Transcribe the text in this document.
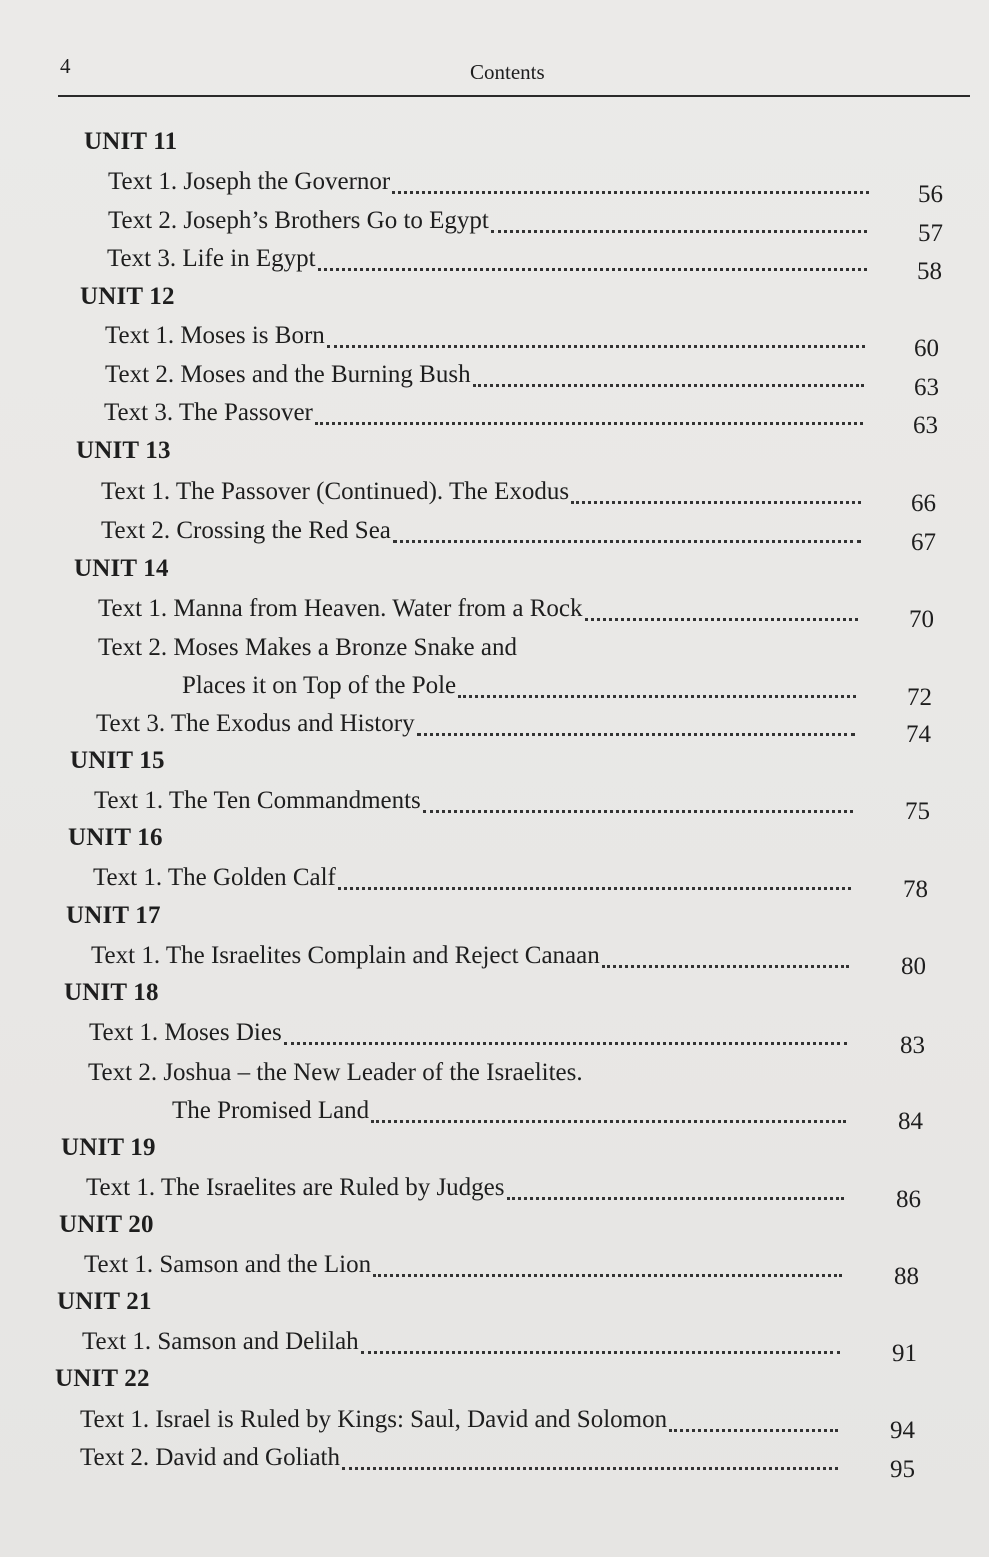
4	Contents
UNIT 11
Text 1. Joseph the Governor	56
Text 2. Joseph’s Brothers Go to Egypt	57
Text 3. Life in Egypt	58
UNIT 12
Text 1. Moses is Born	60
Text 2. Moses and the Burning Bush	63
Text 3. The Passover	63
UNIT 13
Text 1. The Passover (Continued). The Exodus	66
Text 2. Crossing the Red Sea	67
UNIT 14
Text 1. Manna from Heaven. Water from a Rock	70
Text 2. Moses Makes a Bronze Snake and
Places it on Top of the Pole	72
Text 3. The Exodus and History	74
UNIT 15
Text 1. The Ten Commandments	75
UNIT 16
Text 1. The Golden Calf	78
UNIT 17
Text 1. The Israelites Complain and Reject Canaan	80
UNIT 18
Text 1. Moses Dies	83
Text 2. Joshua – the New Leader of the Israelites.
The Promised Land	84
UNIT 19
Text 1. The Israelites are Ruled by Judges	86
UNIT 20
Text 1. Samson and the Lion	88
UNIT 21
Text 1. Samson and Delilah	91
UNIT 22
Text 1. Israel is Ruled by Kings: Saul, David and Solomon	94
Text 2. David and Goliath	95
